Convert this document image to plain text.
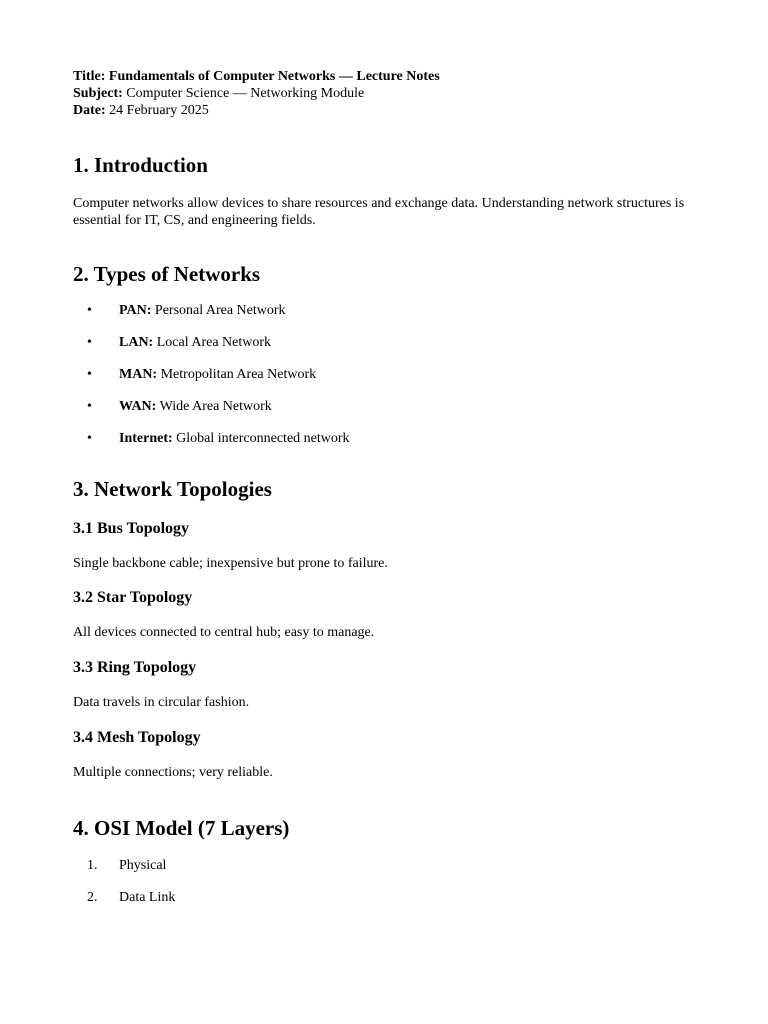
Title: Fundamentals of Computer Networks — Lecture Notes

Subject: Computer Science — Networking Module

Date: 24 February 2025

1. Introduction

Computer networks allow devices to share resources and exchange data. Understanding network structures is essential for IT, CS, and engineering fields.

2. Types of Networks
• PAN: Personal Area Network
• LAN: Local Area Network
• MAN: Metropolitan Area Network
• WAN: Wide Area Network
• Internet: Global interconnected network
3. Network Topologies
3.1 Bus Topology

Single backbone cable; inexpensive but prone to failure.

3.2 Star Topology

All devices connected to central hub; easy to manage.

3.3 Ring Topology

Data travels in circular fashion.

3.4 Mesh Topology

Multiple connections; very reliable.

4. OSI Model (7 Layers)
1. Physical
2. Data Link
